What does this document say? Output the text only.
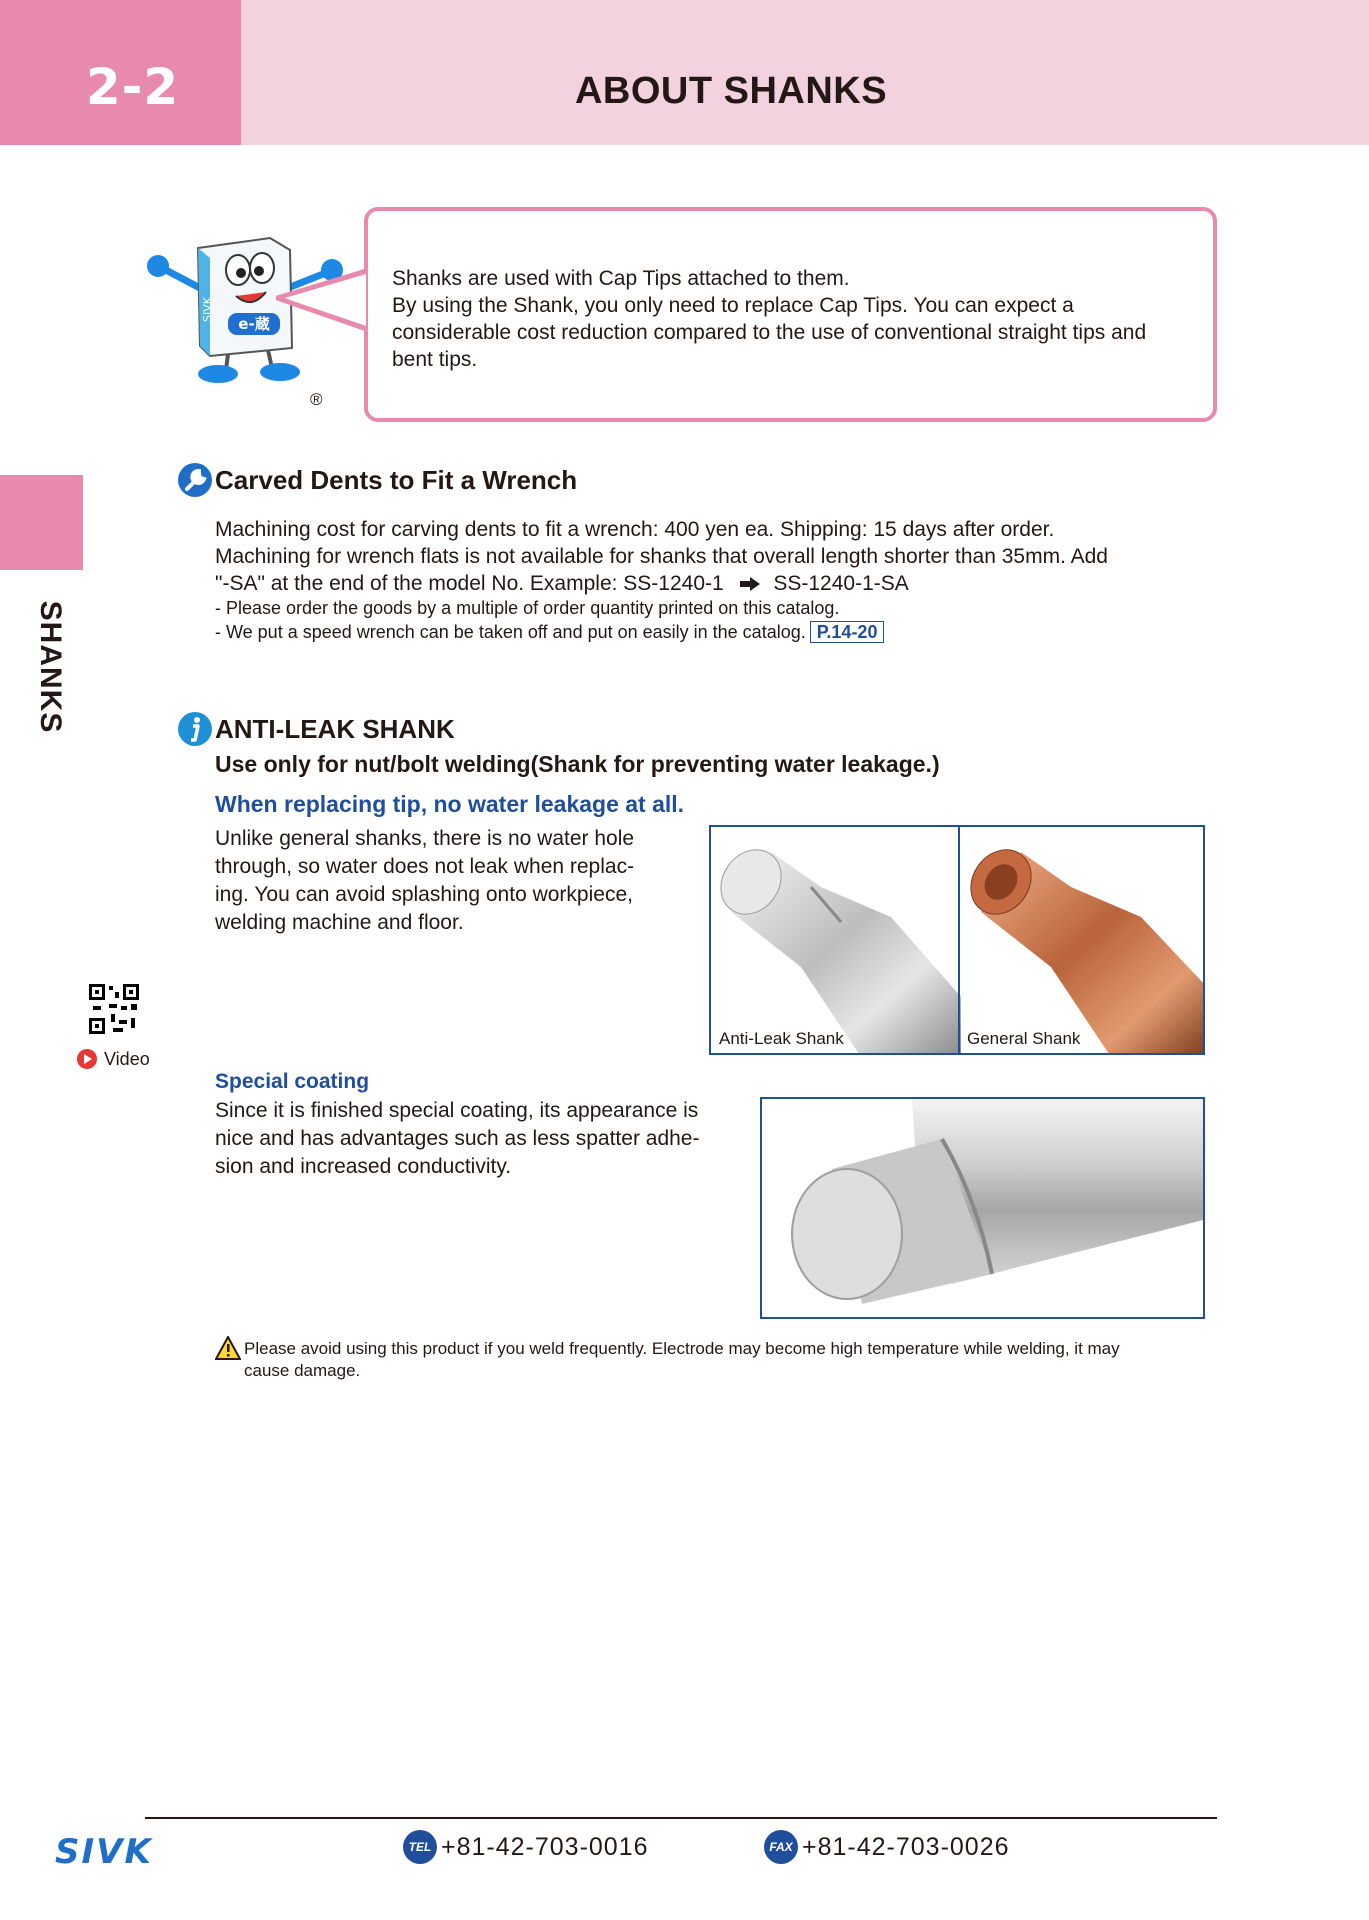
2-2	ABOUT SHANKS
SHANKS
SIVK
e-蔵
®
Shanks are used with Cap Tips attached to them.
By using the Shank, you only need to replace Cap Tips. You can expect a
considerable cost reduction compared to the use of conventional straight tips and
bent tips.
Carved Dents to Fit a Wrench
Machining cost for carving dents to fit a wrench: 400 yen ea. Shipping: 15 days after order.
Machining for wrench flats is not available for shanks that overall length shorter than 35mm. Add
"-SA" at the end of the model No. Example: SS-1240-1 SS-1240-1-SA
- Please order the goods by a multiple of order quantity printed on this catalog.
- We put a speed wrench can be taken off and put on easily in the catalog. P.14-20
ANTI-LEAK SHANK
Use only for nut/bolt welding(Shank for preventing water leakage.)
When replacing tip, no water leakage at all.
Unlike general shanks, there is no water hole
through, so water does not leak when replac-
ing. You can avoid splashing onto workpiece,
welding machine and floor.
Anti-Leak Shank	General Shank
Video
Special coating
Since it is finished special coating, its appearance is
nice and has advantages such as less spatter adhe-
sion and increased conductivity.
Please avoid using this product if you weld frequently. Electrode may become high temperature while welding, it may
cause damage.
SIVK	TEL +81-42-703-0016	FAX +81-42-703-0026
